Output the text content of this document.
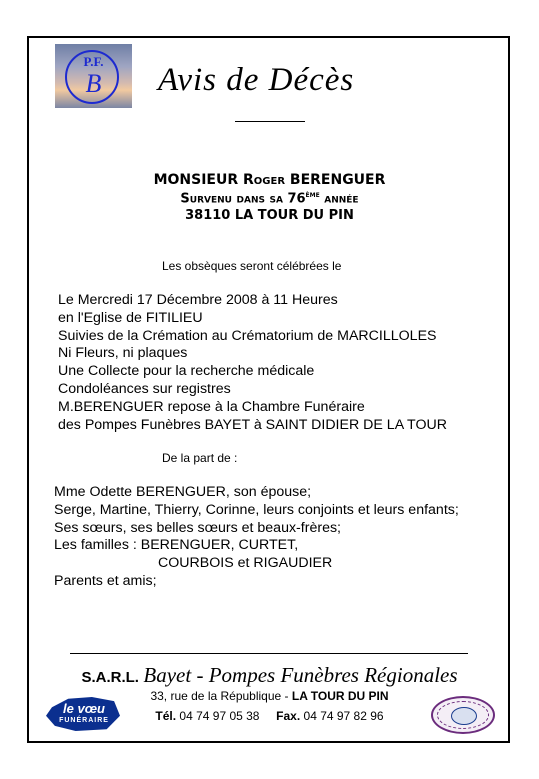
P.F.
B	Avis de Décès
MONSIEUR Roger BERENGUER
Survenu dans sa 76ème année
38110 LA TOUR DU PIN
Les obsèques seront célébrées le
Le Mercredi 17 Décembre 2008 à 11 Heures
en l'Eglise de FITILIEU
Suivies de la Crémation au Crématorium de MARCILLOLES
Ni Fleurs, ni plaques
Une Collecte pour la recherche médicale
Condoléances sur registres
M.BERENGUER repose à la Chambre Funéraire
des Pompes Funèbres BAYET à SAINT DIDIER DE LA TOUR
De la part de :
Mme Odette BERENGUER, son épouse;
Serge, Martine, Thierry, Corinne, leurs conjoints et leurs enfants;
Ses sœurs, ses belles sœurs et beaux-frères;
Les familles : BERENGUER, CURTET,
COURBOIS et RIGAUDIER
Parents et amis;
S.A.R.L. Bayet - Pompes Funèbres Régionales
33, rue de la République - LA TOUR DU PIN
Tél. 04 74 97 05 38 Fax. 04 74 97 82 96
le vœu
FUNÉRAIRE
